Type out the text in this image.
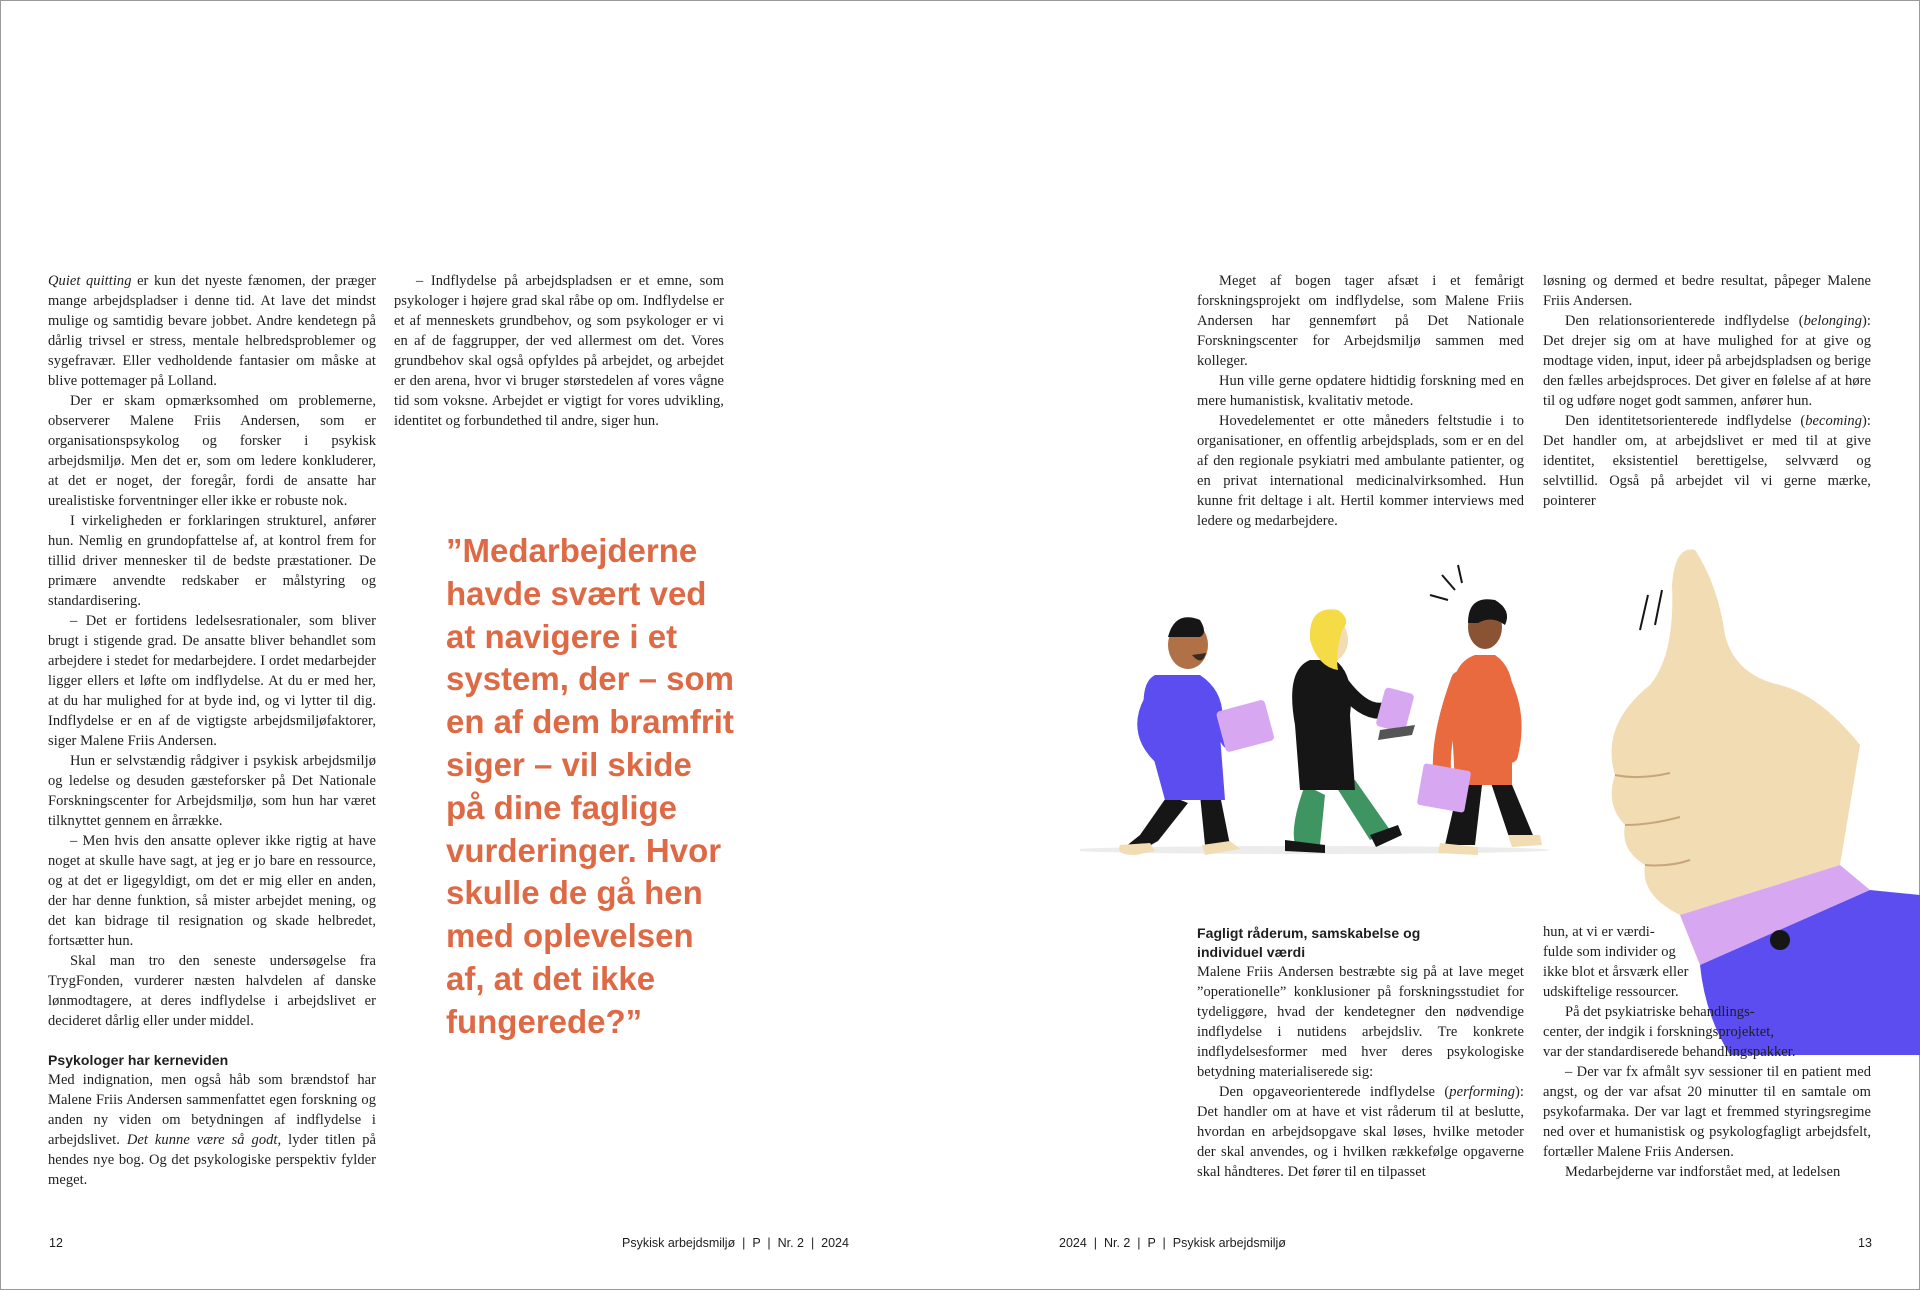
Quiet quitting er kun det nyeste fænomen, der præger mange arbejdspladser i denne tid. At lave det mindst mulige og samtidig bevare jobbet. Andre kendetegn på dårlig trivsel er stress, mentale helbredsproblemer og sygefravær. Eller vedholdende fantasier om måske at blive pottemager på Lolland.

Der er skam opmærksomhed om problemerne, observerer Malene Friis Andersen, som er organisationspsykolog og forsker i psykisk arbejdsmiljø. Men det er, som om ledere konkluderer, at det er noget, der foregår, fordi de ansatte har urealistiske forventninger eller ikke er robuste nok.

I virkeligheden er forklaringen strukturel, anfører hun. Nemlig en grundopfattelse af, at kontrol frem for tillid driver mennesker til de bedste præstationer. De primære anvendte redskaber er målstyring og standardisering.

– Det er fortidens ledelsesrationaler, som bliver brugt i stigende grad. De ansatte bliver behandlet som arbejdere i stedet for medarbejdere. I ordet medarbejder ligger ellers et løfte om indflydelse. At du er med her, at du har mulighed for at byde ind, og vi lytter til dig. Indflydelse er en af de vigtigste arbejdsmiljøfaktorer, siger Malene Friis Andersen.

Hun er selvstændig rådgiver i psykisk arbejdsmiljø og ledelse og desuden gæsteforsker på Det Nationale Forskningscenter for Arbejdsmiljø, som hun har været tilknyttet gennem en årrække.

– Men hvis den ansatte oplever ikke rigtig at have noget at skulle have sagt, at jeg er jo bare en ressource, og at det er ligegyldigt, om det er mig eller en anden, der har denne funktion, så mister arbejdet mening, og det kan bidrage til resignation og skade helbredet, fortsætter hun.

Skal man tro den seneste undersøgelse fra TrygFonden, vurderer næsten halvdelen af danske lønmodtagere, at deres indflydelse i arbejdslivet er decideret dårlig eller under middel.

Psykologer har kerneviden

Med indignation, men også håb som brændstof har Malene Friis Andersen sammenfattet egen forskning og anden ny viden om betydningen af indflydelse i arbejdslivet. Det kunne være så godt, lyder titlen på hendes nye bog. Og det psykologiske perspektiv fylder meget.

– Indflydelse på arbejdspladsen er et emne, som psykologer i højere grad skal råbe op om. Indflydelse er et af menneskets grundbehov, og som psykologer er vi en af de faggrupper, der ved allermest om det. Vores grundbehov skal også opfyldes på arbejdet, og arbejdet er den arena, hvor vi bruger størstedelen af vores vågne tid som voksne. Arbejdet er vigtigt for vores udvikling, identitet og forbundethed til andre, siger hun.

”Medarbejderne
havde svært ved
at navigere i et
system, der – som
en af dem bramfrit
siger – vil skide
på dine faglige
vurderinger. Hvor
skulle de gå hen
med oplevelsen
af, at det ikke
fungerede?”

Meget af bogen tager afsæt i et femårigt forskningsprojekt om indflydelse, som Malene Friis Andersen har gennemført på Det Nationale Forskningscenter for Arbejdsmiljø sammen med kolleger.

Hun ville gerne opdatere hidtidig forskning med en mere humanistisk, kvalitativ metode.

Hovedelementet er otte måneders feltstudie i to organisationer, en offentlig arbejdsplads, som er en del af den regionale psykiatri med ambulante patienter, og en privat international medicinalvirksomhed. Hun kunne frit deltage i alt. Hertil kommer interviews med ledere og medarbejdere.

løsning og dermed et bedre resultat, påpeger Malene Friis Andersen.

Den relationsorienterede indflydelse (belonging): Det drejer sig om at have mulighed for at give og modtage viden, input, ideer på arbejdspladsen og berige den fælles arbejdsproces. Det giver en følelse af at høre til og udføre noget godt sammen, anfører hun.

Den identitetsorienterede indflydelse (becoming): Det handler om, at arbejdslivet er med til at give identitet, eksistentiel berettigelse, selvværd og selvtillid. Også på arbejdet vil vi gerne mærke, pointerer

Fagligt råderum, samskabelse og individuel værdi

Malene Friis Andersen bestræbte sig på at lave meget ”operationelle” konklusioner på forskningsstudiet for tydeliggøre, hvad der kendetegner den nødvendige indflydelse i nutidens arbejdsliv. Tre konkrete indflydelsesformer med hver deres psykologiske betydning materialiserede sig:

Den opgaveorienterede indflydelse (performing): Det handler om at have et vist råderum til at beslutte, hvordan en arbejdsopgave skal løses, hvilke metoder der skal anvendes, og i hvilken rækkefølge opgaverne skal håndteres. Det fører til en tilpasset

hun, at vi er værdi-
fulde som individer og
ikke blot et årsværk eller
udskiftelige ressourcer.
På det psykiatriske behandlings-
center, der indgik i forskningsprojektet,
var der standardiserede behandlingspakker.

– Der var fx afmålt syv sessioner til en patient med angst, og der var afsat 20 minutter til en samtale om psykofarmaka. Der var lagt et fremmed styringsregime ned over et humanistisk og psykologfagligt arbejdsfelt, fortæller Malene Friis Andersen.

Medarbejderne var indforstået med, at ledelsen

12	Psykisk arbejdsmiljø  |  P  |  Nr. 2  |  2024	2024  |  Nr. 2  |  P  |  Psykisk arbejdsmiljø	13
